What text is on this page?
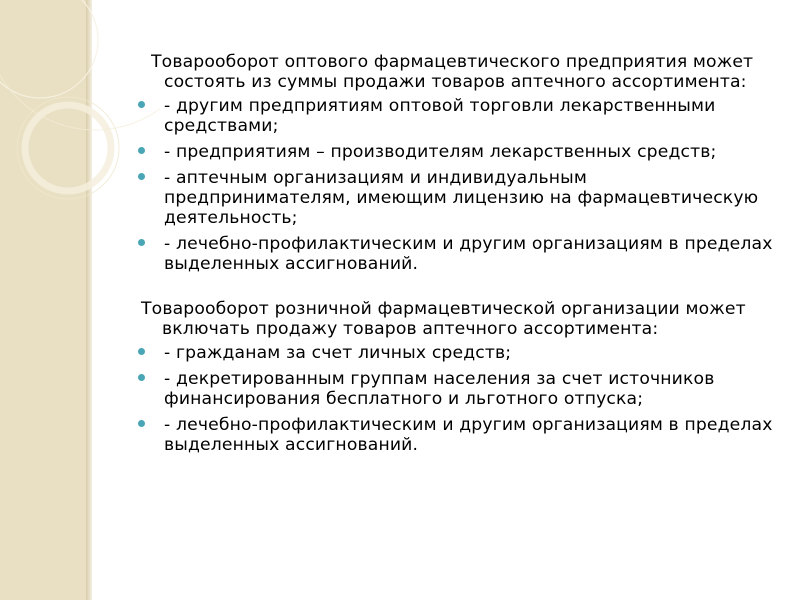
Товарооборот оптового фармацевтического предприятия может состоять из суммы продажи товаров аптечного ассортимента:

- другим предприятиям оптовой торговли лекарственными средствами;
- предприятиям – производителям лекарственных средств;
- аптечным организациям и индивидуальным предпринимателям, имеющим лицензию на фармацевтическую деятельность;
- лечебно-профилактическим и другим организациям в пределах выделенных ассигнований.

Товарооборот розничной фармацевтической организации может включать продажу товаров аптечного ассортимента:

- гражданам за счет личных средств;
- декретированным группам населения за счет источников финансирования бесплатного и льготного отпуска;
- лечебно-профилактическим и другим организациям в пределах выделенных ассигнований.
